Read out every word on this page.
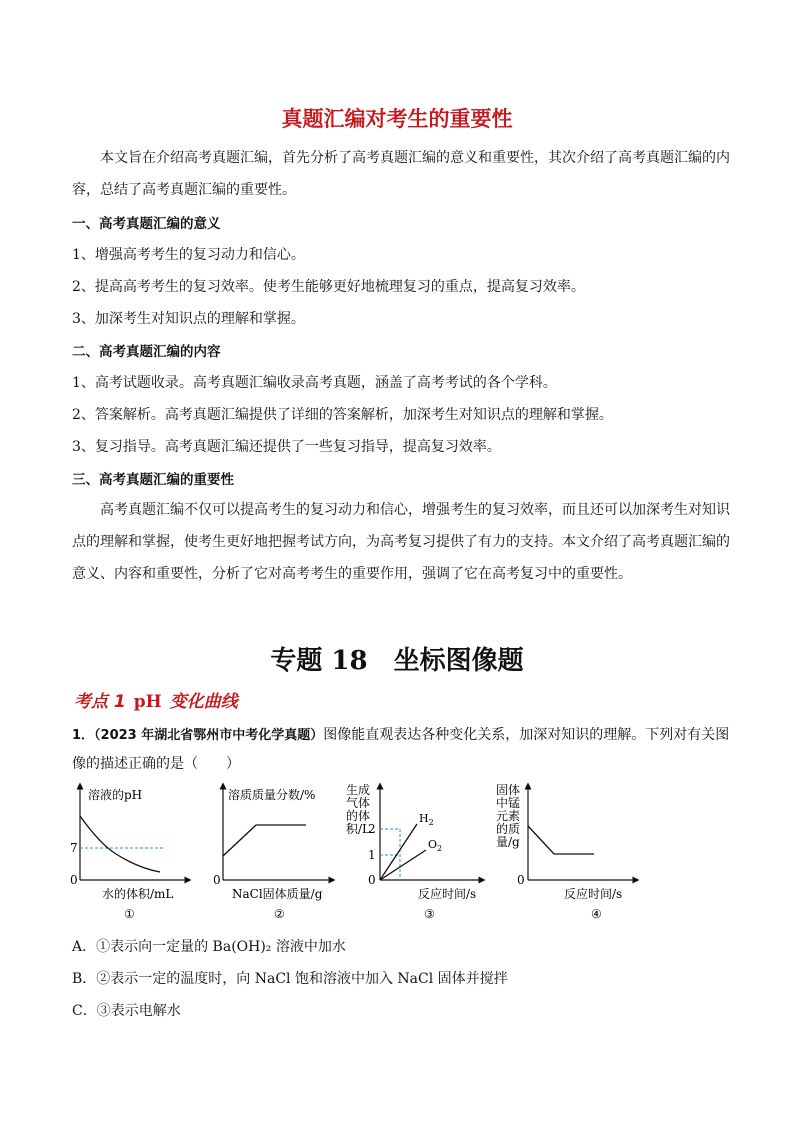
真题汇编对考生的重要性

本文旨在介绍高考真题汇编，首先分析了高考真题汇编的意义和重要性，其次介绍了高考真题汇编的内容，总结了高考真题汇编的重要性。

一、高考真题汇编的意义
1、增强高考考生的复习动力和信心。
2、提高高考考生的复习效率。使考生能够更好地梳理复习的重点，提高复习效率。
3、加深考生对知识点的理解和掌握。
二、高考真题汇编的内容
1、高考试题收录。高考真题汇编收录高考真题，涵盖了高考考试的各个学科。
2、答案解析。高考真题汇编提供了详细的答案解析，加深考生对知识点的理解和掌握。
3、复习指导。高考真题汇编还提供了一些复习指导，提高复习效率。
三、高考真题汇编的重要性

高考真题汇编不仅可以提高考生的复习动力和信心，增强考生的复习效率，而且还可以加深考生对知识点的理解和掌握，使考生更好地把握考试方向，为高考复习提供了有力的支持。本文介绍了高考真题汇编的意义、内容和重要性，分析了它对高考考生的重要作用，强调了它在高考复习中的重要性。

专题 18　坐标图像题
考点 1 pH 变化曲线
1．（2023 年湖北省鄂州市中考化学真题）图像能直观表达各种变化关系，加深对知识的理解。下列对有关图像的描述正确的是（　　）
溶液的pH
7
0
水的体积/mL
①
溶质质量分数/%
0
NaCl固体质量/g
②
生成 气体 的体 积/L
2
1
0
$H_2$
$O_2$
反应时间/s
③
固体 中锰 元素 的质 量/g
0
反应时间/s
④
A．①表示向一定量的 Ba(OH)₂ 溶液中加水
B．②表示一定的温度时，向 NaCl 饱和溶液中加入 NaCl 固体并搅拌
C．③表示电解水
